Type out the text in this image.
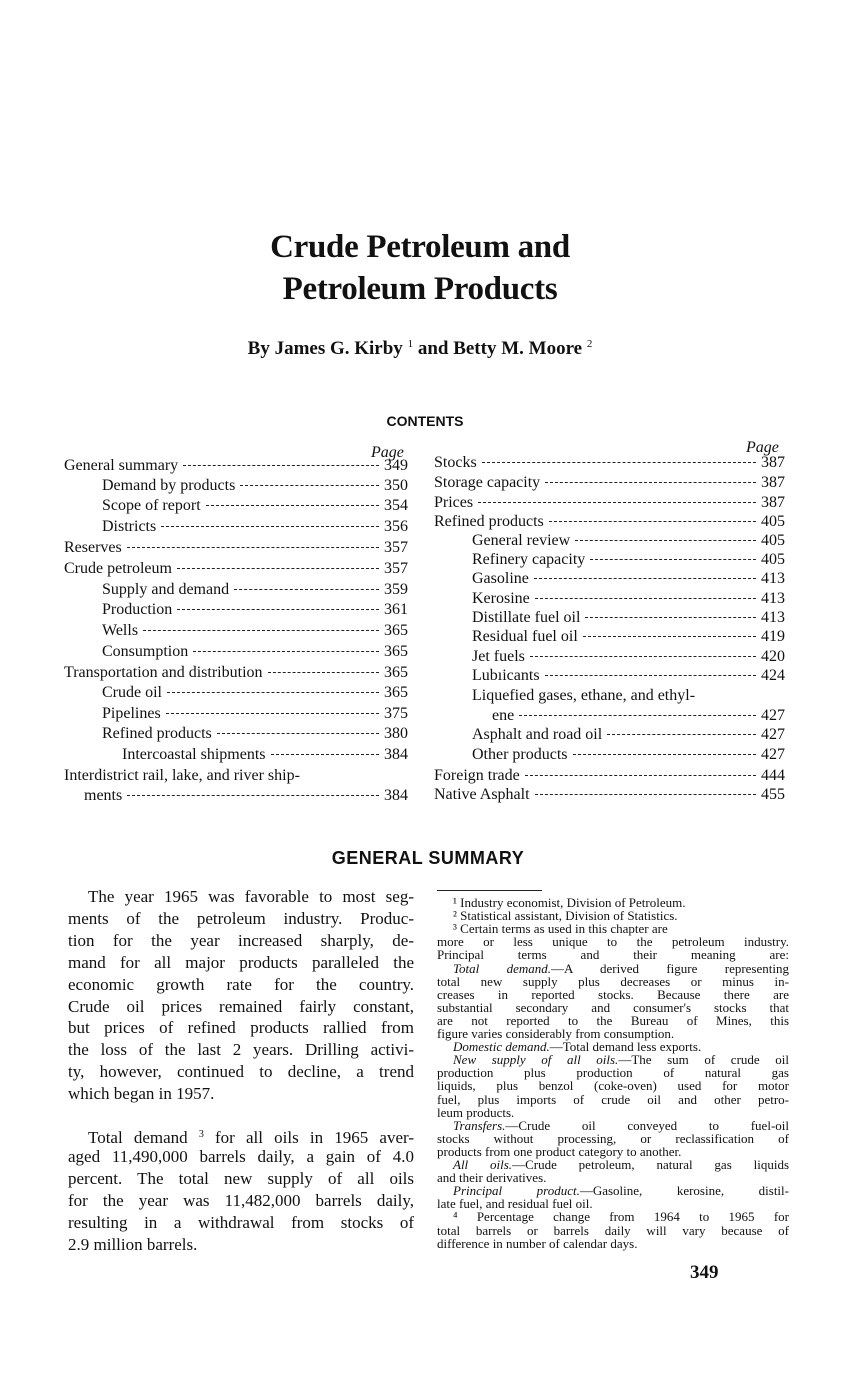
Crude Petroleum and
Petroleum Products
By James G. Kirby $^1$ and Betty M. Moore $^2$
CONTENTS
Page	Page
General summary	349
Demand by products	350
Scope of report	354
Districts	356
Reserves	357
Crude petroleum	357
Supply and demand	359
Production	361
Wells	365
Consumption	365
Transportation and distribution	365
Crude oil	365
Pipelines	375
Refined products	380
Intercoastal shipments	384
Interdistrict rail, lake, and river ship-
ments	384
Stocks	387
Storage capacity	387
Prices	387
Refined products	405
General review	405
Refinery capacity	405
Gasoline	413
Kerosine	413
Distillate fuel oil	413
Residual fuel oil	419
Jet fuels	420
Lubıicants	424
Liquefied gases, ethane, and ethyl-
ene	427
Asphalt and road oil	427
Other products	427
Foreign trade	444
Native Asphalt	455
GENERAL SUMMARY
The year 1965 was favorable to most seg-
ments of the petroleum industry. Produc-
tion for the year increased sharply, de-
mand for all major products paralleled the
economic growth rate for the country.
Crude oil prices remained fairly constant,
but prices of refined products rallied from
the loss of the last 2 years. Drilling activi-
ty, however, continued to decline, a trend
which began in 1957.
Total demand $^3$ for all oils in 1965 aver-
aged 11,490,000 barrels daily, a gain of 4.0
percent. The total new supply of all oils
for the year was 11,482,000 barrels daily,
resulting in a withdrawal from stocks of
2.9 million barrels.
¹ Industry economist, Division of Petroleum.
² Statistical assistant, Division of Statistics.
³ Certain terms as used in this chapter are
more or less unique to the petroleum industry.
Principal terms and their meaning are:
Total demand.—A derived figure representing
total new supply plus decreases or minus in-
creases in reported stocks. Because there are
substantial secondary and consumer's stocks that
are not reported to the Bureau of Mines, this
figure varies considerably from consumption.
Domestic demand.—Total demand less exports.
New supply of all oils.—The sum of crude oil
production plus production of natural gas
liquids, plus benzol (coke-oven) used for motor
fuel, plus imports of crude oil and other petro-
leum products.
Transfers.—Crude oil conveyed to fuel-oil
stocks without processing, or reclassification of
products from one product category to another.
All oils.—Crude petroleum, natural gas liquids
and their derivatives.
Principal product.—Gasoline, kerosine, distil-
late fuel, and residual fuel oil.
⁴ Percentage change from 1964 to 1965 for
total barrels or barrels daily will vary because of
difference in number of calendar days.
349
